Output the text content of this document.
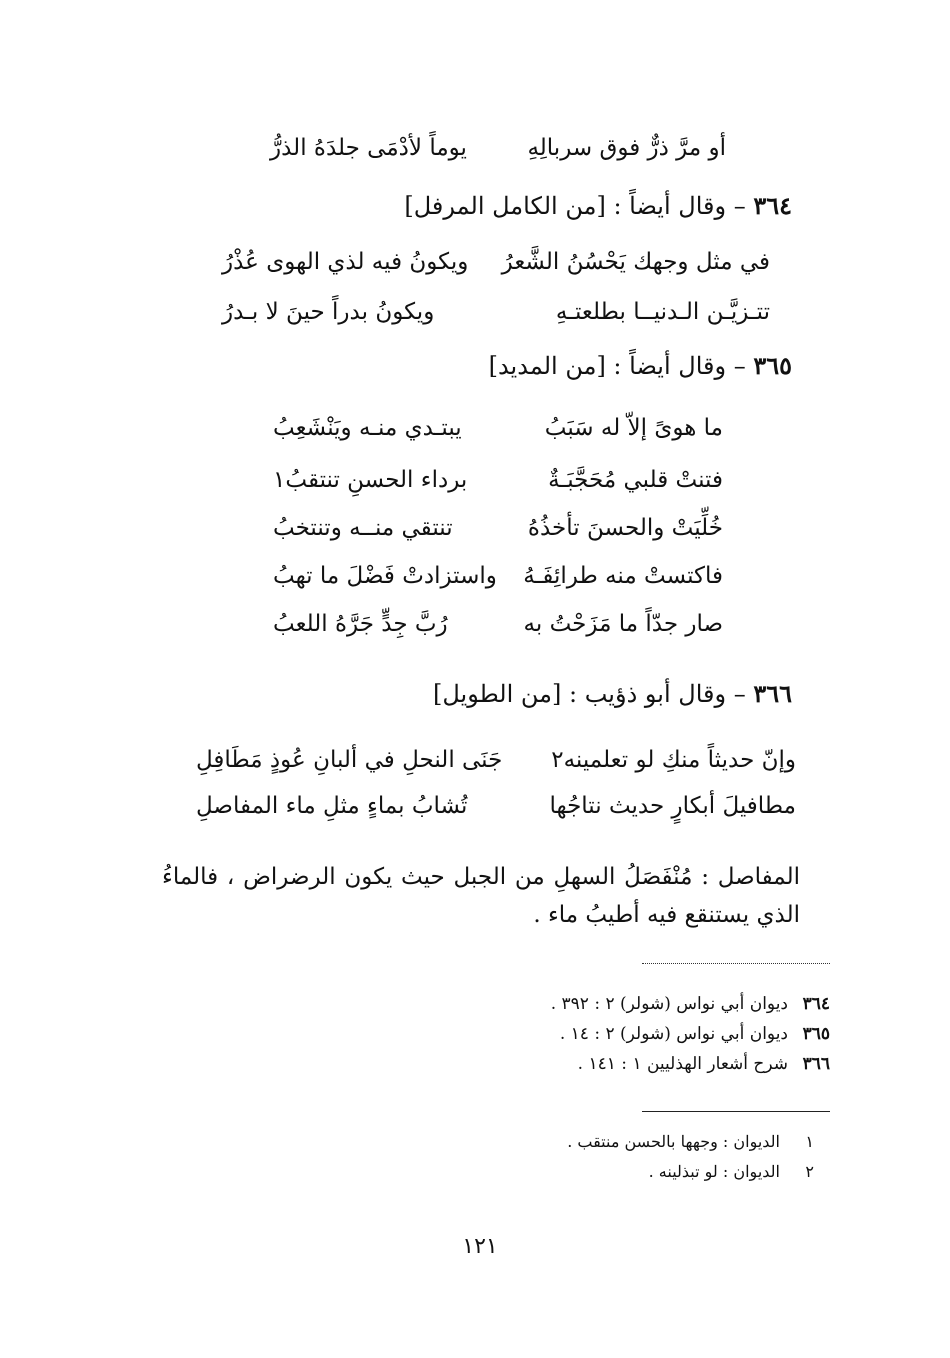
أو مرَّ ذرٌّ فوق سربالِهِ
يوماً لأدْمَى جلدَهُ الذرُّ
٣٦٤ – وقال أيضاً : [من الكامل المرفل]
في مثل وجهك يَحْسُنُ الشَّعرُ
ويكونُ فيه لذي الهوى عُذْرُ
تتـزيَّـن الـدنيــا بطلعتـهِ
ويكونُ بدراً حينَ لا بـدرُ
٣٦٥ – وقال أيضاً : [من المديد]
ما هوىً إلاّ له سَبَبُ
يبتـدي منـه ويَنْشَعِبُ
فتنتْ قلبي مُحَجَّبَـةٌ
برداء الحسنِ تنتقبُ١
خُلِّيَتْ والحسنَ تأخذُهُ
تنتقي منــه وتنتخبُ
فاكتستْ منه طرائِفَـهُ
واستزادتْ فَضْلَ ما تهبُ
صار جدّاً ما مَزَحْتُ به
رُبَّ جِدٍّ جَرَّهُ اللعبُ
٣٦٦ – وقال أبو ذؤيب : [من الطويل]
وإنّ حديثاً منكِ لو تعلمينه٢
جَنَى النحلِ في ألبانِ عُوذٍ مَطَافِلِ
مطافيلَ أبكارٍ حديث نتاجُها
تُشابُ بماءٍ مثلِ ماء المفاصلِ
المفاصل : مُنْفَصَلُ السهلِ من الجبل حيث يكون الرضراض ، فالماءُ الذي يستنقع فيه أطيبُ ماء .
٣٦٤ديوان أبي نواس (شولر) ٢ : ٣٩٢ .
٣٦٥ديوان أبي نواس (شولر) ٢ : ١٤ .
٣٦٦شرح أشعار الهذليين ١ : ١٤١ .
١الديوان : وجهها بالحسن منتقب .
٢الديوان : لو تبذلينه .
١٢١
